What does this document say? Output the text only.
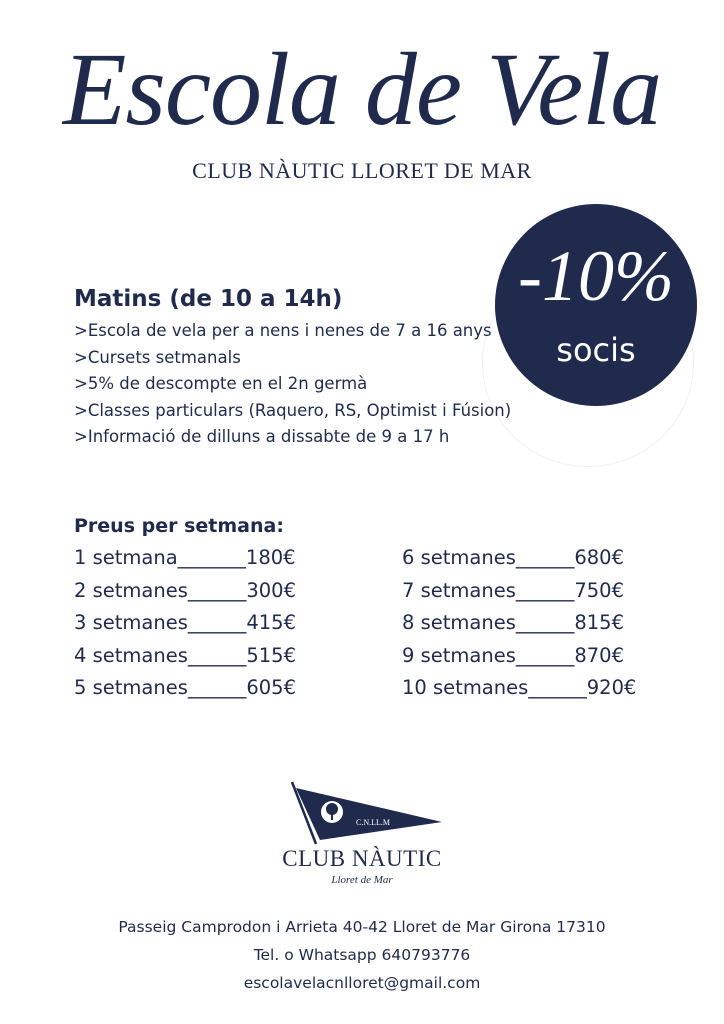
Escola de Vela
CLUB NÀUTIC LLORET DE MAR
-10%
socis
Matins (de 10 a 14h)
>Escola de vela per a nens i nenes de 7 a 16 anys
>Cursets setmanals
>5% de descompte en el 2n germà
>Classes particulars (Raquero, RS, Optimist i Fúsion)
>Informació de dilluns a dissabte de 9 a 17 h
Preus per setmana:
1 setmana_______180€
2 setmanes______300€
3 setmanes______415€
4 setmanes______515€
5 setmanes______605€
6 setmanes______680€
7 setmanes______750€
8 setmanes______815€
9 setmanes______870€
10 setmanes______920€
C.N.LL.M
CLUB NÀUTIC
Lloret de Mar
Passeig Camprodon i Arrieta 40-42 Lloret de Mar Girona 17310
Tel. o Whatsapp 640793776
escolavelacnlloret@gmail.com
